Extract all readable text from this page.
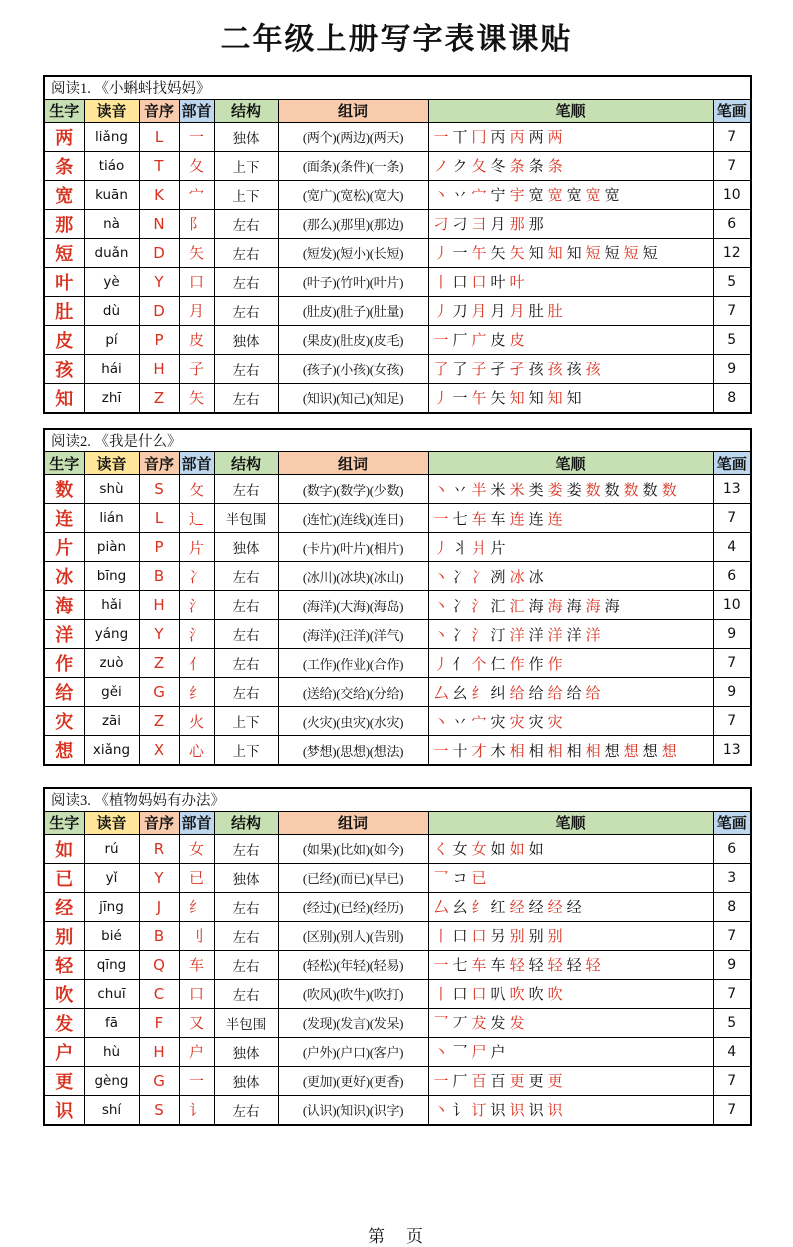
二年级上册写字表课课贴
阅读1. 《小蝌蚪找妈妈》							
生字	读音	音序	部首	结构	组词	笔顺	笔画
两	liǎng	L	一	独体	(两个)(两边)(两天)	一 丅 冂 丙 丙 两 两	7
条	tiáo	T	夂	上下	(面条)(条件)(一条)	ノ ク 夂 冬 条 条 条	7
宽	kuān	K	宀	上下	(宽广)(宽松)(宽大)	丶 丷 宀 宁 宇 宽 宽 宽 宽 宽	10
那	nà	N	阝	左右	(那么)(那里)(那边)	刁 刁 彐 月 那 那	6
短	duǎn	D	矢	左右	(短发)(短小)(长短)	丿 一 午 矢 矢 知 知 知 短 短 短 短	12
叶	yè	Y	口	左右	(叶子)(竹叶)(叶片)	丨 口 口 叶 叶	5
肚	dù	D	月	左右	(肚皮)(肚子)(肚量)	丿 刀 月 月 月 肚 肚	7
皮	pí	P	皮	独体	(果皮)(肚皮)(皮毛)	一 厂 广 皮 皮	5
孩	hái	H	子	左右	(孩子)(小孩)(女孩)	了 了 子 孑 孑 孩 孩 孩 孩	9
知	zhī	Z	矢	左右	(知识)(知己)(知足)	丿 一 午 矢 知 知 知 知	8
阅读2. 《我是什么》							
生字	读音	音序	部首	结构	组词	笔顺	笔画
数	shù	S	攵	左右	(数字)(数学)(少数)	丶 丷 半 米 米 类 娄 娄 数 数 数 数 数	13
连	lián	L	辶	半包围	(连忙)(连线)(连日)	一 七 车 车 连 连 连	7
片	piàn	P	片	独体	(卡片)(叶片)(相片)	丿 丬 爿 片	4
冰	bīng	B	冫	左右	(冰川)(冰块)(冰山)	丶 冫 冫 冽 冰 冰	6
海	hǎi	H	氵	左右	(海洋)(大海)(海岛)	丶 冫 氵 汇 汇 海 海 海 海 海	10
洋	yáng	Y	氵	左右	(海洋)(汪洋)(洋气)	丶 冫 氵 汀 洋 洋 洋 洋 洋	9
作	zuò	Z	亻	左右	(工作)(作业)(合作)	丿 亻 个 仁 作 作 作	7
给	gěi	G	纟	左右	(送给)(交给)(分给)	厶 幺 纟 纠 给 给 给 给 给	9
灾	zāi	Z	火	上下	(火灾)(虫灾)(水灾)	丶 丷 宀 灾 灾 灾 灾	7
想	xiǎng	X	心	上下	(梦想)(思想)(想法)	一 十 才 木 相 相 相 相 相 想 想 想 想	13
阅读3. 《植物妈妈有办法》							
生字	读音	音序	部首	结构	组词	笔顺	笔画
如	rú	R	女	左右	(如果)(比如)(如今)	く 女 女 如 如 如	6
已	yǐ	Y	已	独体	(已经)(而已)(早已)	乛 コ 已	3
经	jīng	J	纟	左右	(经过)(已经)(经历)	厶 幺 纟 红 经 经 经 经	8
别	bié	B	刂	左右	(区别)(别人)(告别)	丨 口 口 另 别 别 别	7
轻	qīng	Q	车	左右	(轻松)(年轻)(轻易)	一 七 车 车 轻 轻 轻 轻 轻	9
吹	chuī	C	口	左右	(吹风)(吹牛)(吹打)	丨 口 口 叭 吹 吹 吹	7
发	fā	F	又	半包围	(发现)(发言)(发呆)	乛 丆 犮 发 发	5
户	hù	H	户	独体	(户外)(户口)(客户)	丶 乛 尸 户	4
更	gèng	G	一	独体	(更加)(更好)(更香)	一 厂 百 百 更 更 更	7
识	shí	S	讠	左右	(认识)(知识)(识字)	丶 讠 订 识 识 识 识	7
第　页
